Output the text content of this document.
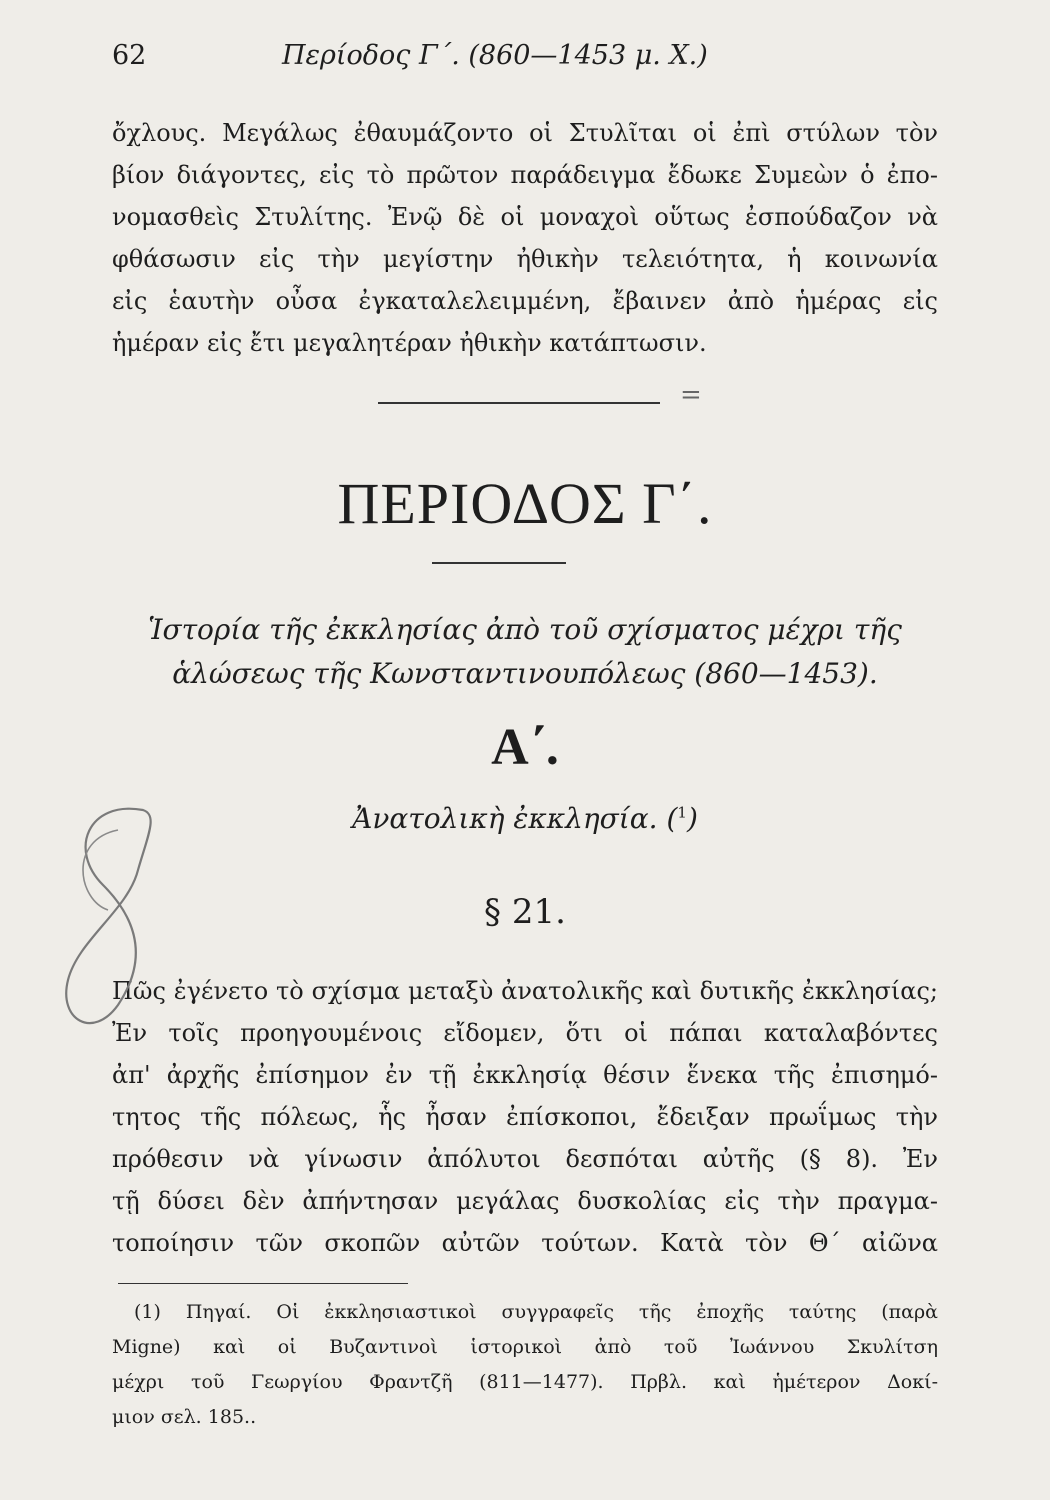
62	Περίοδος Γ΄. (860—1453 μ. Χ.)
ὄχλους. Μεγάλως ἐθαυμάζοντο οἱ Στυλῖται οἱ ἐπὶ στύλων τὸν
βίον διάγοντες, εἰς τὸ πρῶτον παράδειγμα ἔδωκε Συμεὼν ὁ ἐπο-
νομασθεὶς Στυλίτης. Ἐνῷ δὲ οἱ μοναχοὶ οὕτως ἐσπούδαζον νὰ
φθάσωσιν εἰς τὴν μεγίστην ἠθικὴν τελειότητα, ἡ κοινωνία
εἰς ἑαυτὴν οὖσα ἐγκαταλελειμμένη, ἔβαινεν ἀπὸ ἡμέρας εἰς
ἡμέραν εἰς ἔτι μεγαλητέραν ἠθικὴν κατάπτωσιν.
=
ΠΕΡΙΟΔΟΣ Γ΄.
Ἱστορία τῆς ἐκκλησίας ἀπὸ τοῦ σχίσματος μέχρι τῆς
ἁλώσεως τῆς Κωνσταντινουπόλεως (860—1453).
Α΄.
Ἀνατολικὴ ἐκκλησία. ($^1$)
§ 21.
Πῶς ἐγένετο τὸ σχίσμα μεταξὺ ἀνατολικῆς καὶ δυτικῆς ἐκκλησίας;
Ἐν τοῖς προηγουμένοις εἴδομεν, ὅτι οἱ πάπαι καταλαβόντες
ἀπ' ἀρχῆς ἐπίσημον ἐν τῇ ἐκκλησίᾳ θέσιν ἕνεκα τῆς ἐπισημό-
τητος τῆς πόλεως, ἧς ἦσαν ἐπίσκοποι, ἔδειξαν πρωΐμως τὴν
πρόθεσιν νὰ γίνωσιν ἀπόλυτοι δεσπόται αὐτῆς (§ 8). Ἐν
τῇ δύσει δὲν ἀπήντησαν μεγάλας δυσκολίας εἰς τὴν πραγμα-
τοποίησιν τῶν σκοπῶν αὐτῶν τούτων. Κατὰ τὸν Θ΄ αἰῶνα
(1) Πηγαί. Οἱ ἐκκλησιαστικοὶ συγγραφεῖς τῆς ἐποχῆς ταύτης (παρὰ
Migne) καὶ οἱ Βυζαντινοὶ ἱστορικοὶ ἀπὸ τοῦ Ἰωάννου Σκυλίτση
μέχρι τοῦ Γεωργίου Φραντζῆ (811—1477). Πρβλ. καὶ ἡμέτερον Δοκί-
μιον σελ. 185..
